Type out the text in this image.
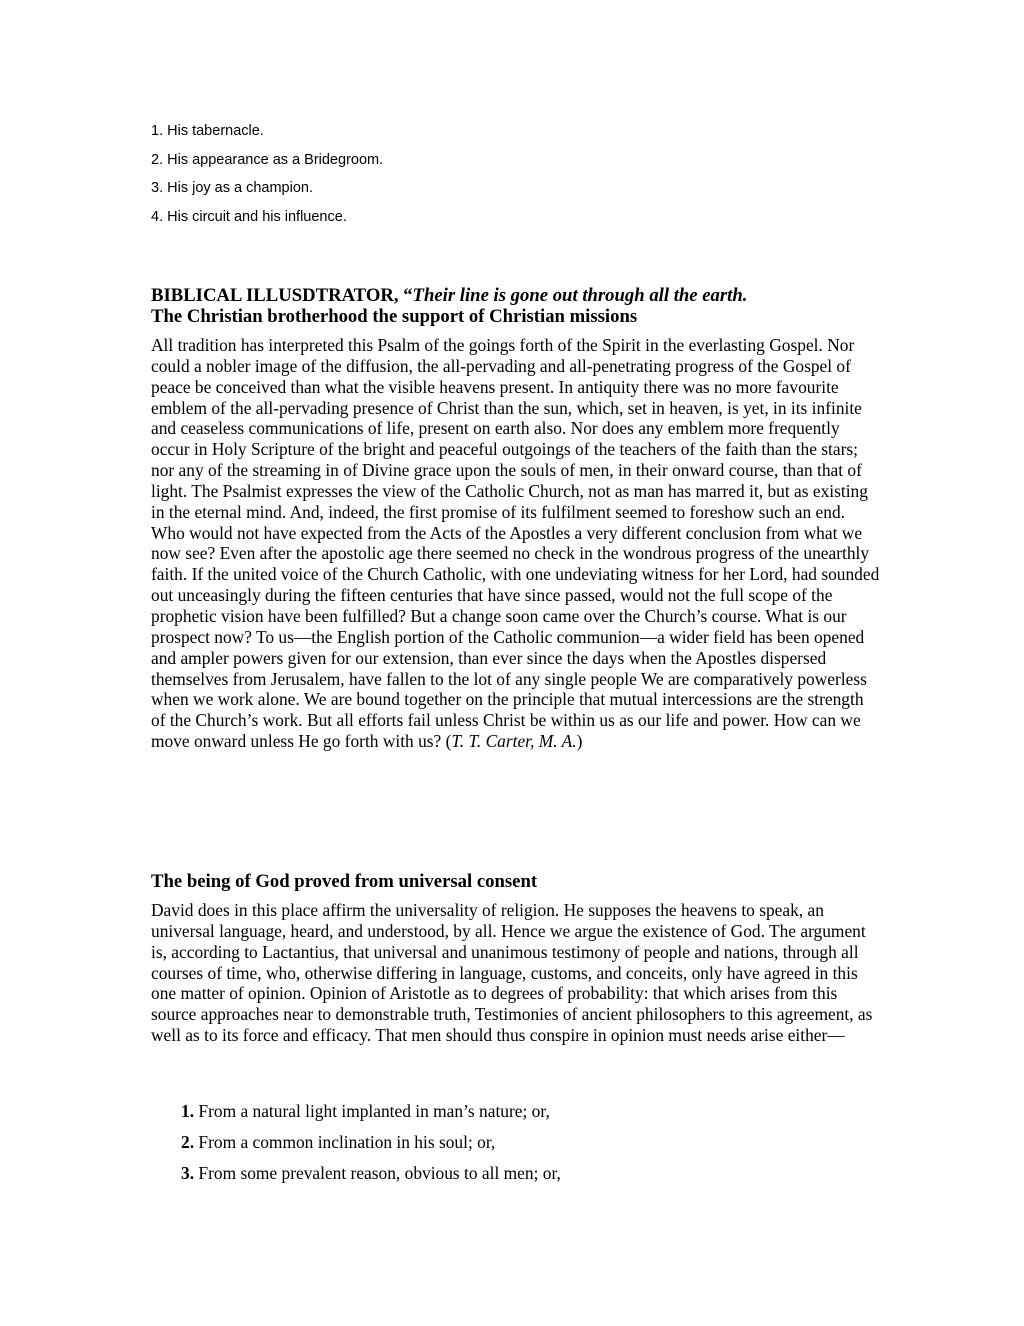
1. His tabernacle.
2. His appearance as a Bridegroom.
3. His joy as a champion.
4. His circuit and his influence.
BIBLICAL ILLUSDTRATOR, “Their line is gone out through all the earth.
The Christian brotherhood the support of Christian missions

All tradition has interpreted this Psalm of the goings forth of the Spirit in the everlasting Gospel. Nor could a nobler image of the diffusion, the all-pervading and all-penetrating progress of the Gospel of peace be conceived than what the visible heavens present. In antiquity there was no more favourite emblem of the all-pervading presence of Christ than the sun, which, set in heaven, is yet, in its infinite and ceaseless communications of life, present on earth also. Nor does any emblem more frequently occur in Holy Scripture of the bright and peaceful outgoings of the teachers of the faith than the stars; nor any of the streaming in of Divine grace upon the souls of men, in their onward course, than that of light. The Psalmist expresses the view of the Catholic Church, not as man has marred it, but as existing in the eternal mind. And, indeed, the first promise of its fulfilment seemed to foreshow such an end. Who would not have expected from the Acts of the Apostles a very different conclusion from what we now see? Even after the apostolic age there seemed no check in the wondrous progress of the unearthly faith. If the united voice of the Church Catholic, with one undeviating witness for her Lord, had sounded out unceasingly during the fifteen centuries that have since passed, would not the full scope of the prophetic vision have been fulfilled? But a change soon came over the Church’s course. What is our prospect now? To us—the English portion of the Catholic communion—a wider field has been opened and ampler powers given for our extension, than ever since the days when the Apostles dispersed themselves from Jerusalem, have fallen to the lot of any single people We are comparatively powerless when we work alone. We are bound together on the principle that mutual intercessions are the strength of the Church’s work. But all efforts fail unless Christ be within us as our life and power. How can we move onward unless He go forth with us? (T. T. Carter, M. A.)

The being of God proved from universal consent

David does in this place affirm the universality of religion. He supposes the heavens to speak, an universal language, heard, and understood, by all. Hence we argue the existence of God. The argument is, according to Lactantius, that universal and unanimous testimony of people and nations, through all courses of time, who, otherwise differing in language, customs, and conceits, only have agreed in this one matter of opinion. Opinion of Aristotle as to degrees of probability: that which arises from this source approaches near to demonstrable truth, Testimonies of ancient philosophers to this agreement, as well as to its force and efficacy. That men should thus conspire in opinion must needs arise either—

1. From a natural light implanted in man’s nature; or,
2. From a common inclination in his soul; or,
3. From some prevalent reason, obvious to all men; or,
